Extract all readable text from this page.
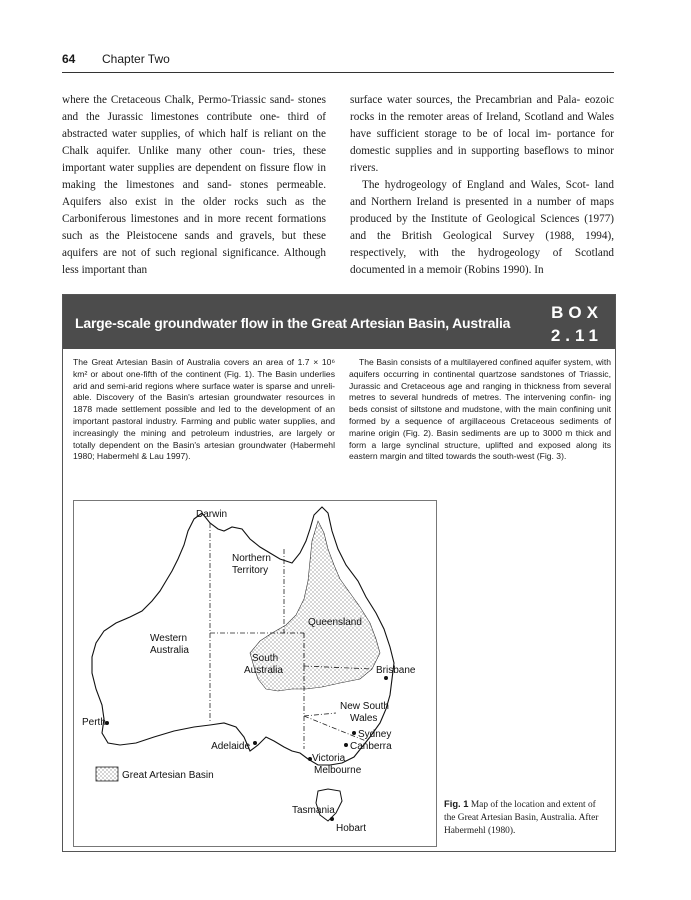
64 Chapter Two

where the Cretaceous Chalk, Permo-Triassic sand- stones and the Jurassic limestones contribute one- third of abstracted water supplies, of which half is reliant on the Chalk aquifer. Unlike many other coun- tries, these important water supplies are dependent on fissure flow in making the limestones and sand- stones permeable. Aquifers also exist in the older rocks such as the Carboniferous limestones and in more recent formations such as the Pleistocene sands and gravels, but these aquifers are not of such regional significance. Although less important than

surface water sources, the Precambrian and Pala- eozoic rocks in the remoter areas of Ireland, Scotland and Wales have sufficient storage to be of local im- portance for domestic supplies and in supporting baseflows to minor rivers.

The hydrogeology of England and Wales, Scot- land and Northern Ireland is presented in a number of maps produced by the Institute of Geological Sciences (1977) and the British Geological Survey (1988, 1994), respectively, with the hydrogeology of Scotland documented in a memoir (Robins 1990). In

Large-scale groundwater flow in the Great Artesian Basin, Australia
BOX
2.11

The Great Artesian Basin of Australia covers an area of 1.7 × 10⁶ km² or about one-fifth of the continent (Fig. 1). The Basin underlies arid and semi-arid regions where surface water is sparse and unreli- able. Discovery of the Basin's artesian groundwater resources in 1878 made settlement possible and led to the development of an important pastoral industry. Farming and public water supplies, and increasingly the mining and petroleum industries, are largely or totally dependent on the Basin's artesian groundwater (Habermehl 1980; Habermehl & Lau 1997).

The Basin consists of a multilayered confined aquifer system, with aquifers occurring in continental quartzose sandstones of Triassic, Jurassic and Cretaceous age and ranging in thickness from several metres to several hundreds of metres. The intervening confin- ing beds consist of siltstone and mudstone, with the main confining unit formed by a sequence of argillaceous Cretaceous sediments of marine origin (Fig. 2). Basin sediments are up to 3000 m thick and form a large synclinal structure, uplifted and exposed along its eastern margin and tilted towards the south-west (Fig. 3).

Darwin
Northern
Territory
Queensland
Western
Australia
South
Australia	Brisbane
New South
Wales
Perth
Sydney
Adelaide	Canberra
Victoria
Melbourne
Tasmania
Hobart
Great Artesian Basin
Fig. 1 Map of the location and extent of the Great Artesian Basin, Australia. After Habermehl (1980).
